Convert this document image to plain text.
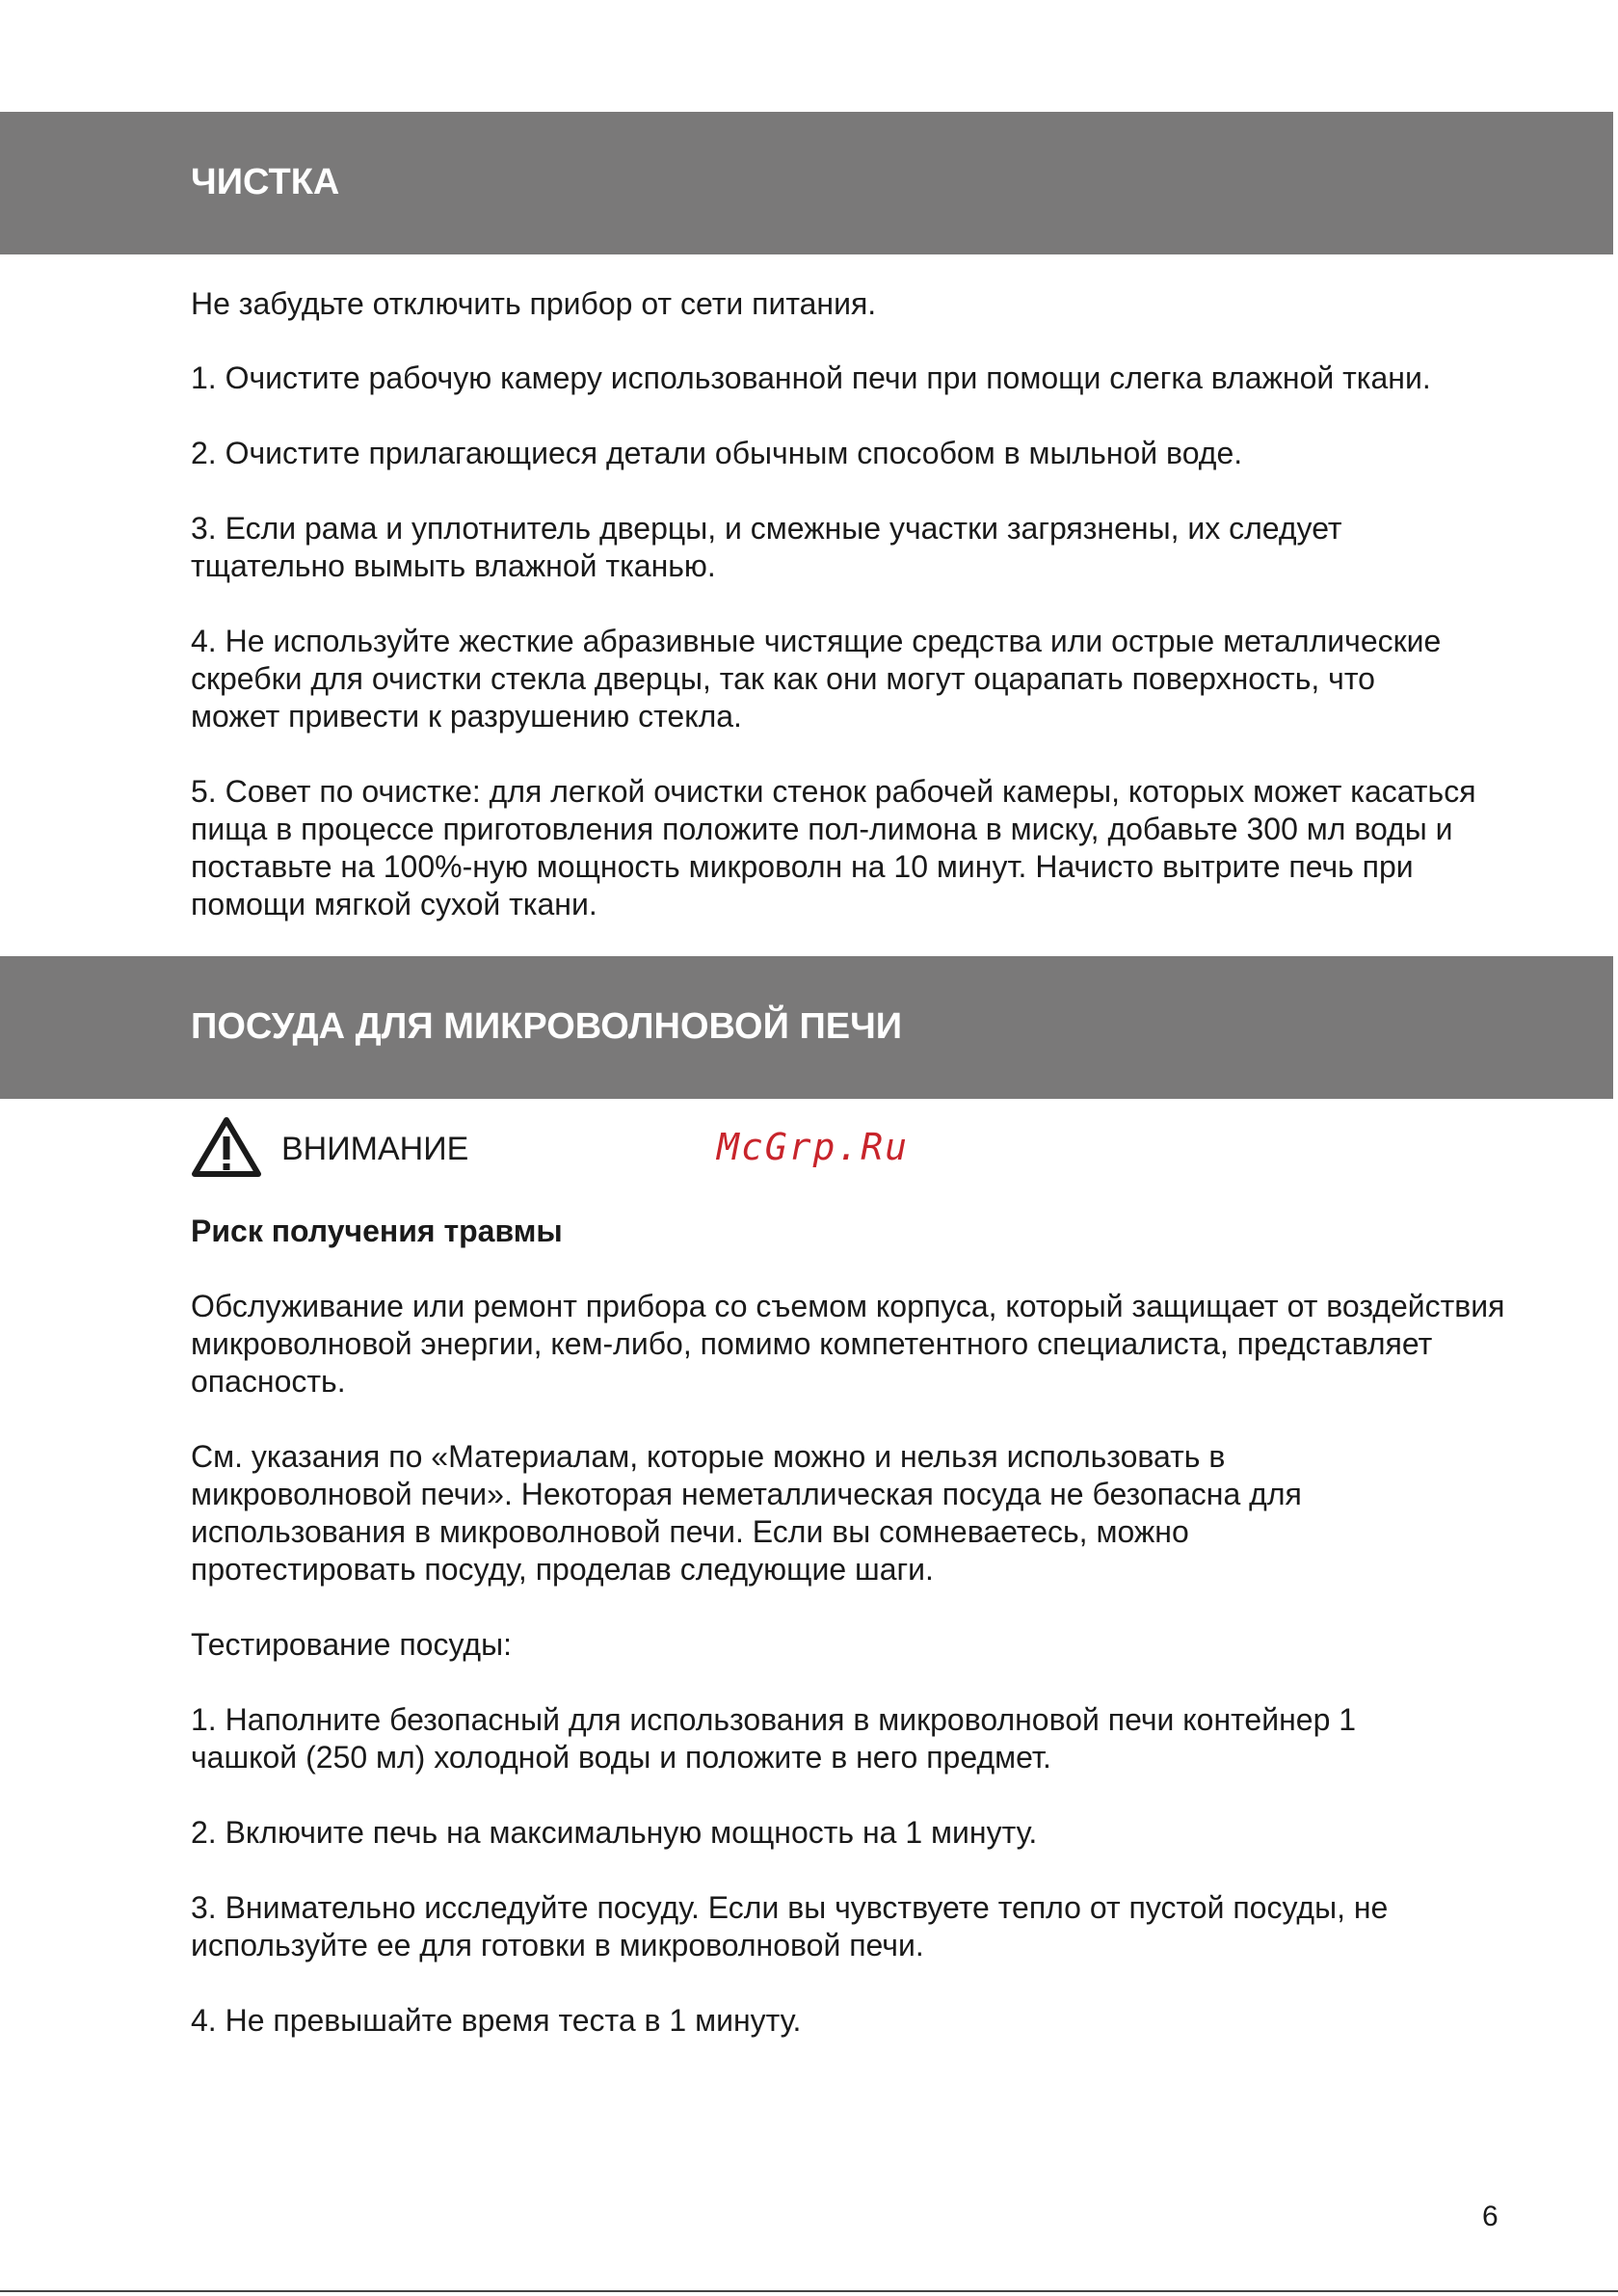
ЧИСТКА

Не забудьте отключить прибор от сети питания.

1. Очистите рабочую камеру использованной печи при помощи слегка влажной ткани.

2. Очистите прилагающиеся детали обычным способом в мыльной воде.

3. Если рама и уплотнитель дверцы, и смежные участки загрязнены, их следует тщательно вымыть влажной тканью.

4. Не используйте жесткие абразивные чистящие средства или острые металлические скребки для очистки стекла дверцы, так как они могут оцарапать поверхность, что может привести к разрушению стекла.

5. Совет по очистке: для легкой очистки стенок рабочей камеры, которых может касаться пища в процессе приготовления положите пол-лимона в миску, добавьте 300 мл воды и поставьте на 100%-ную мощность микроволн на 10 минут. Начисто вытрите печь при помощи мягкой сухой ткани.

ПОСУДА ДЛЯ МИКРОВОЛНОВОЙ ПЕЧИ
ВНИМАНИЕ	McGrp.Ru

Риск получения травмы

Обслуживание или ремонт прибора со съемом корпуса, который защищает от воздействия микроволновой энергии, кем-либо, помимо компетентного специалиста, представляет опасность.

См. указания по «Материалам, которые можно и нельзя использовать в микроволновой печи». Некоторая неметаллическая посуда не безопасна для использования в микроволновой печи. Если вы сомневаетесь, можно протестировать посуду, проделав следующие шаги.

Тестирование посуды:

1. Наполните безопасный для использования в микроволновой печи контейнер 1 чашкой (250 мл) холодной воды и положите в него предмет.

2. Включите печь на максимальную мощность на 1 минуту.

3. Внимательно исследуйте посуду. Если вы чувствуете тепло от пустой посуды, не используйте ее для готовки в микроволновой печи.

4. Не превышайте время теста в 1 минуту.

6
